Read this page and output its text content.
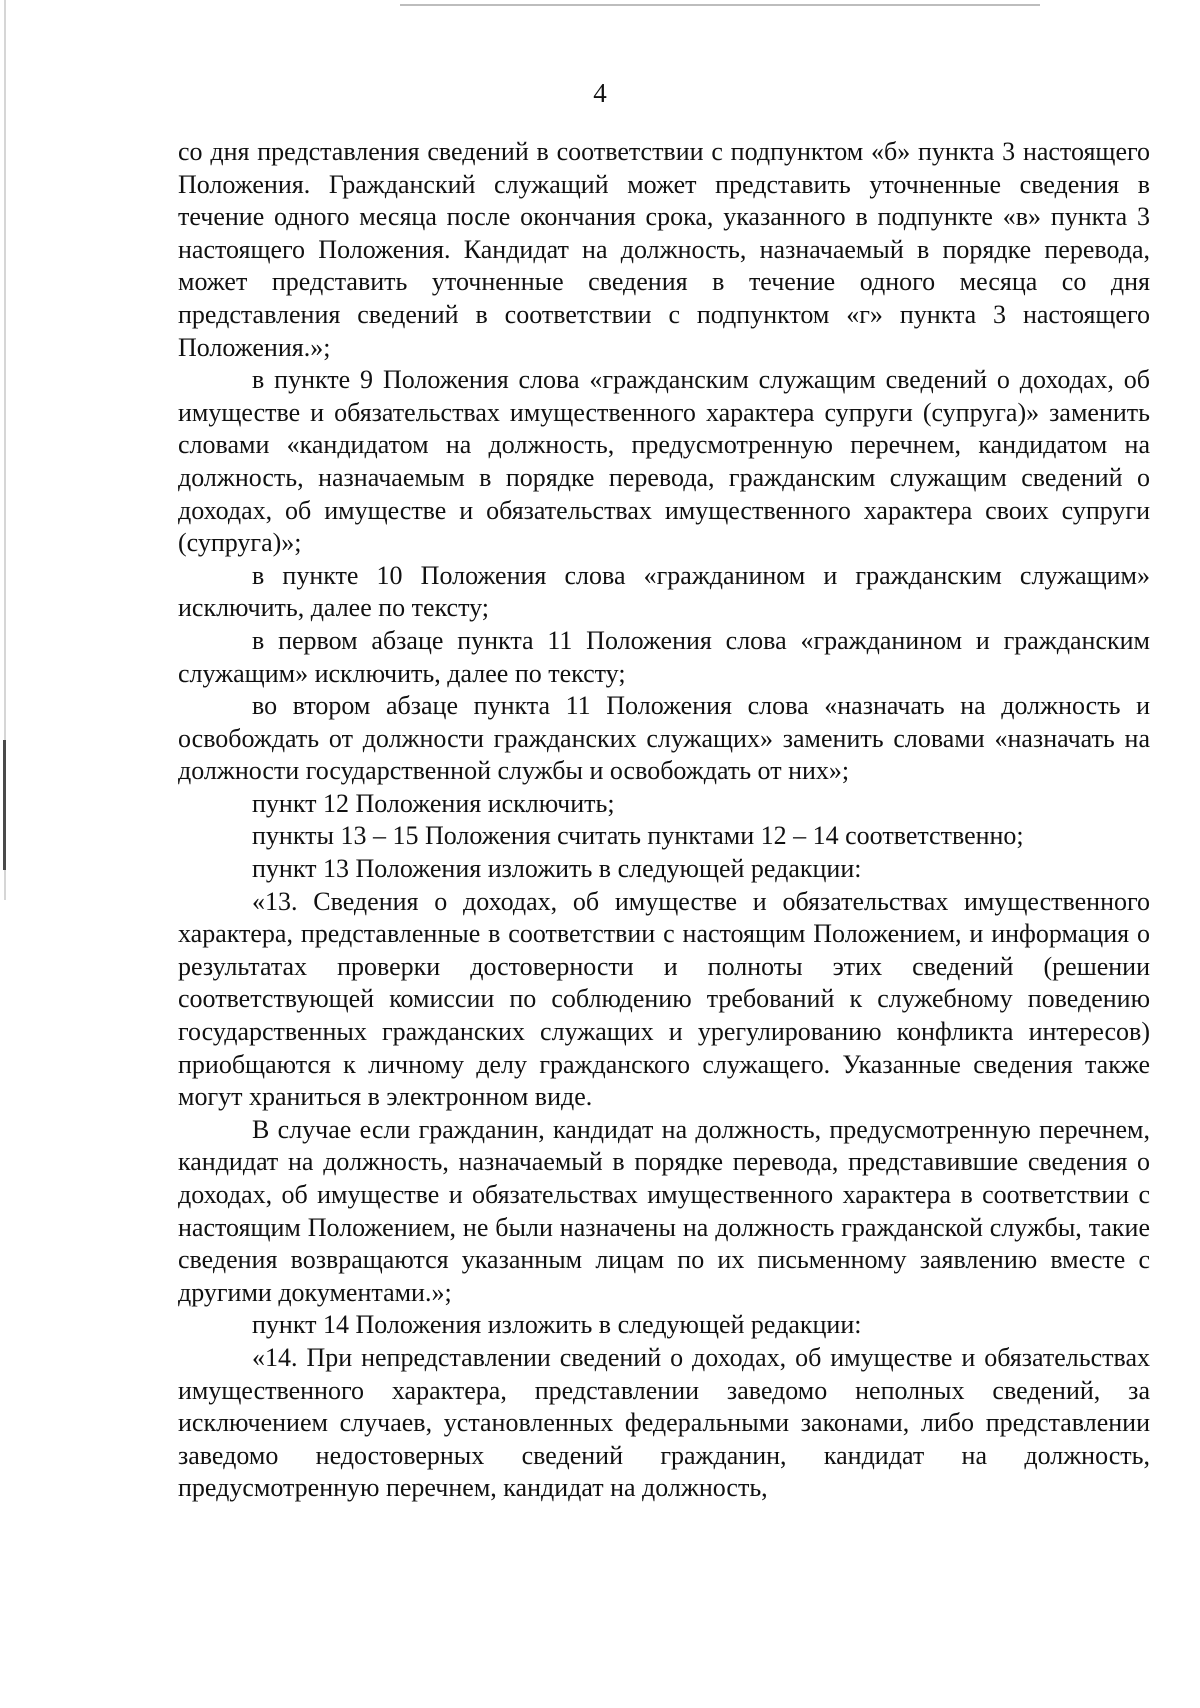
4

со дня представления сведений в соответствии с подпунктом «б» пункта 3 настоящего Положения. Гражданский служащий может представить уточненные сведения в течение одного месяца после окончания срока, указанного в подпункте «в» пункта 3 настоящего Положения. Кандидат на должность, назначаемый в порядке перевода, может представить уточненные сведения в течение одного месяца со дня представления сведений в соответствии с подпунктом «г» пункта 3 настоящего Положения.»;

в пункте 9 Положения слова «гражданским служащим сведений о доходах, об имуществе и обязательствах имущественного характера супруги (супруга)» заменить словами «кандидатом на должность, предусмотренную перечнем, кандидатом на должность, назначаемым в порядке перевода, гражданским служащим сведений о доходах, об имуществе и обязательствах имущественного характера своих супруги (супруга)»;

в пункте 10 Положения слова «гражданином и гражданским служащим» исключить, далее по тексту;

в первом абзаце пункта 11 Положения слова «гражданином и гражданским служащим» исключить, далее по тексту;

во втором абзаце пункта 11 Положения слова «назначать на должность и освобождать от должности гражданских служащих» заменить словами «назначать на должности государственной службы и освобождать от них»;

пункт 12 Положения исключить;

пункты 13 – 15 Положения считать пунктами 12 – 14 соответственно;

пункт 13 Положения изложить в следующей редакции:

«13. Сведения о доходах, об имуществе и обязательствах имущественного характера, представленные в соответствии с настоящим Положением, и информация о результатах проверки достоверности и полноты этих сведений (решении соответствующей комиссии по соблюдению требований к служебному поведению государственных гражданских служащих и урегулированию конфликта интересов) приобщаются к личному делу гражданского служащего. Указанные сведения также могут храниться в электронном виде.

В случае если гражданин, кандидат на должность, предусмотренную перечнем, кандидат на должность, назначаемый в порядке перевода, представившие сведения о доходах, об имуществе и обязательствах имущественного характера в соответствии с настоящим Положением, не были назначены на должность гражданской службы, такие сведения возвращаются указанным лицам по их письменному заявлению вместе с другими документами.»;

пункт 14 Положения изложить в следующей редакции:

«14. При непредставлении сведений о доходах, об имуществе и обязательствах имущественного характера, представлении заведомо неполных сведений, за исключением случаев, установленных федеральными законами, либо представлении заведомо недостоверных сведений гражданин, кандидат на должность, предусмотренную перечнем, кандидат на должность,
